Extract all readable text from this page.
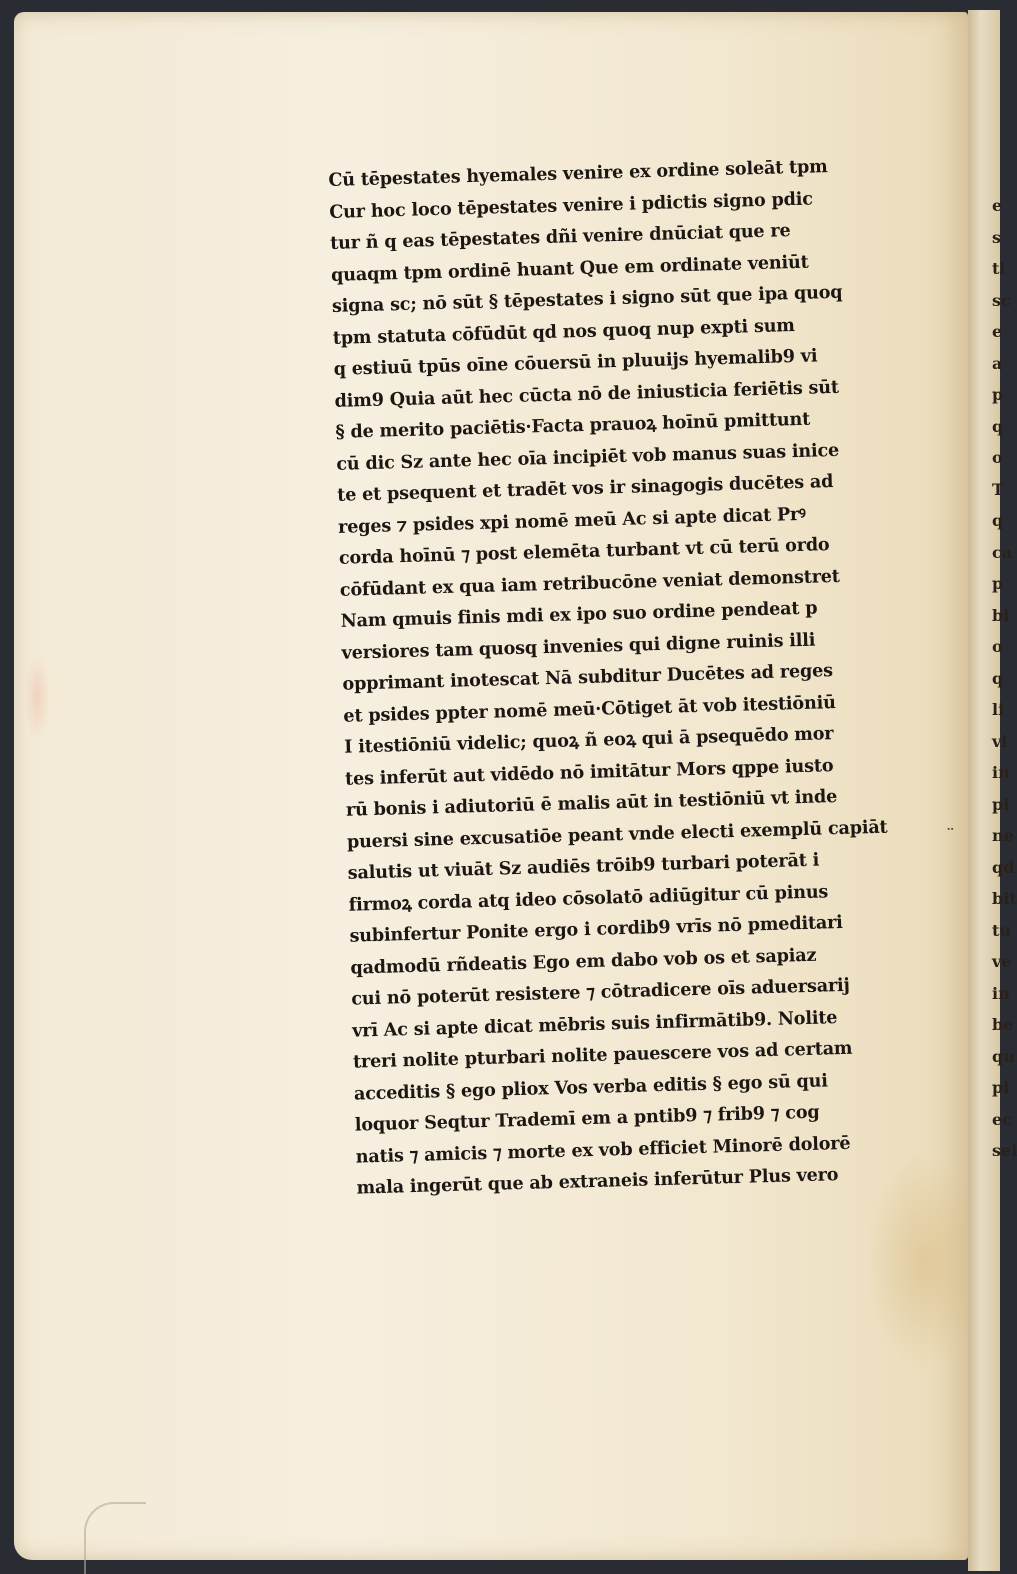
Cū tēpestates hyemales venire ex ordine soleāt tpm
Cur hoc loco tēpestates venire i pdictis signo pdic
tur ñ q eas tēpestates dñi venire dnūciat que re
quaqm tpm ordinē huant Que em ordinate veniūt
signa sc; nō sūt § tēpestates i signo sūt que ipa quoq
tpm statuta cōfūdūt qd nos quoq nup expti sum
q estiuū tpūs oīne cōuersū in pluuijs hyemalib9 vi
dim9 Quia aūt hec cūcta nō de iniusticia feriētis sūt
§ de merito paciētis·Facta prauoꝝ hoīnū pmittunt
cū dic Sz ante hec oīa incipiēt vob manus suas inice
te et psequent et tradēt vos ir sinagogis ducētes ad
reges ⁊ psides xpi nomē meū Ac si apte dicat Prꝰ
corda hoīnū ⁊ post elemēta turbant vt cū terū ordo
cōfūdant ex qua iam retribucōne veniat demonstret
Nam qmuis finis mdi ex ipo suo ordine pendeat p
versiores tam quosq invenies qui digne ruinis illi
opprimant inotescat Nā subditur Ducētes ad reges
et psides ppter nomē meū·Cōtiget āt vob itestiōniū
I itestiōniū videlic; quoꝝ ñ eoꝝ qui ā psequēdo mor
tes inferūt aut vidēdo nō imitātur Mors qppe iusto
rū bonis i adiutoriū ē malis aūt in testiōniū vt inde
puersi sine excusatiōe peant vnde electi exemplū capiāt
salutis ut viuāt Sz audiēs trōib9 turbari poterāt i
firmoꝝ corda atq ideo cōsolatō adiūgitur cū pinus
subinfertur Ponite ergo i cordib9 vrīs nō pmeditari
qadmodū rñdeatis Ego em dabo vob os et sapiaz
cui nō poterūt resistere ⁊ cōtradicere oīs aduersarij
vrī Ac si apte dicat mēbris suis infirmātib9. Nolite
treri nolite pturbari nolite pauescere vos ad certam
acceditis § ego pliox Vos verba editis § ego sū qui
loquor Seqtur Trademī em a pntib9 ⁊ frib9 ⁊ cog
natis ⁊ amicis ⁊ morte ex vob efficiet Minorē dolorē
mala ingerūt que ab extraneis inferūtur Plus vero
e
s
ti
sc
e
a
p
q
o
T
q
ca
p
bi
o
q
li
vi
in
pi
ne
qd
bit
tu
ve
in
be
qu
pi
ec
sei
⠒
